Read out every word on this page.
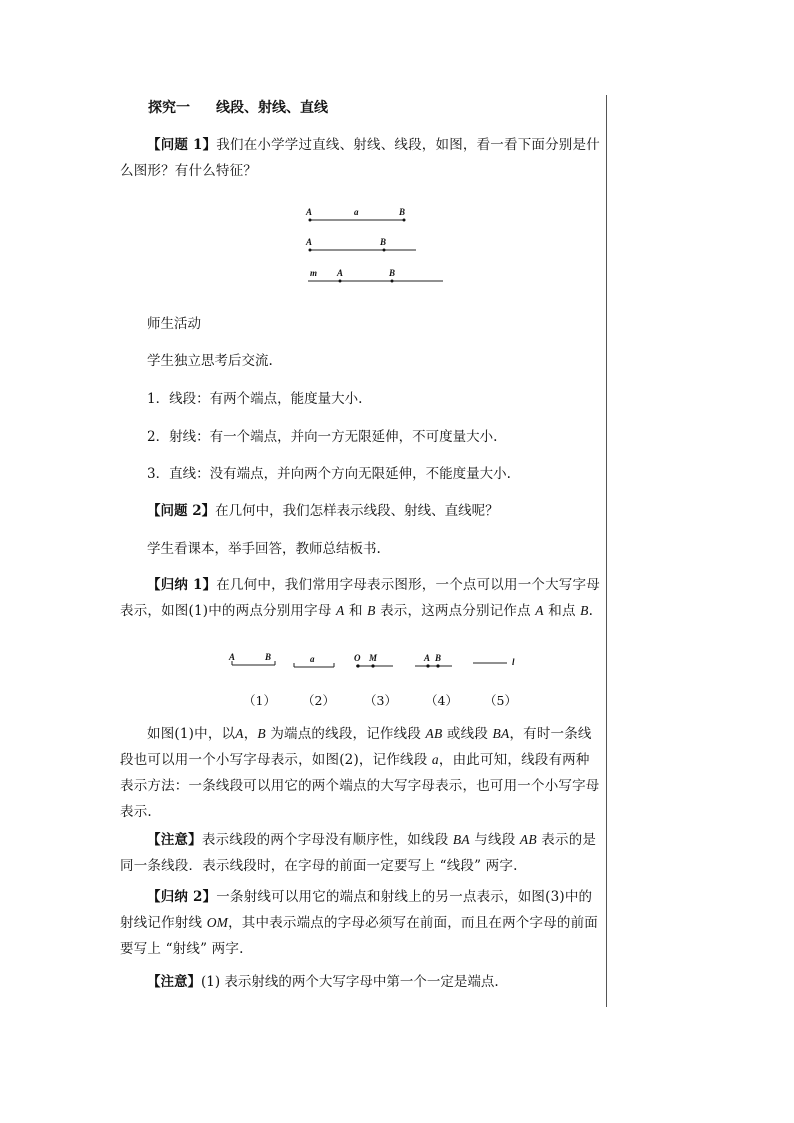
探究一 线段、射线、直线
【问题 1】我们在小学学过直线、射线、线段，如图，看一看下面分别是什么图形？有什么特征？
A	a	B
A	B
m A	B
师生活动
学生独立思考后交流.
1．线段：有两个端点，能度量大小.
2．射线：有一个端点，并向一方无限延伸，不可度量大小.
3．直线：没有端点，并向两个方向无限延伸，不能度量大小.
【问题 2】在几何中，我们怎样表示线段、射线、直线呢？
学生看课本，举手回答，教师总结板书.
【归纳 1】在几何中，我们常用字母表示图形，一个点可以用一个大写字母表示，如图(1)中的两点分别用字母 A 和 B 表示，这两点分别记作点 A 和点 B.
A	B	a	O M	A B	l
（1） （2） （3） （4） （5）
如图(1)中，以A，B 为端点的线段，记作线段 AB 或线段 BA，有时一条线段也可以用一个小写字母表示，如图(2)，记作线段 a，由此可知，线段有两种表示方法：一条线段可以用它的两个端点的大写字母表示，也可用一个小写字母表示.
【注意】表示线段的两个字母没有顺序性，如线段 BA 与线段 AB 表示的是同一条线段．表示线段时，在字母的前面一定要写上 “线段” 两字.
【归纳 2】一条射线可以用它的端点和射线上的另一点表示，如图(3)中的射线记作射线 OM，其中表示端点的字母必须写在前面，而且在两个字母的前面要写上 “射线” 两字.
【注意】(1) 表示射线的两个大写字母中第一个一定是端点.
